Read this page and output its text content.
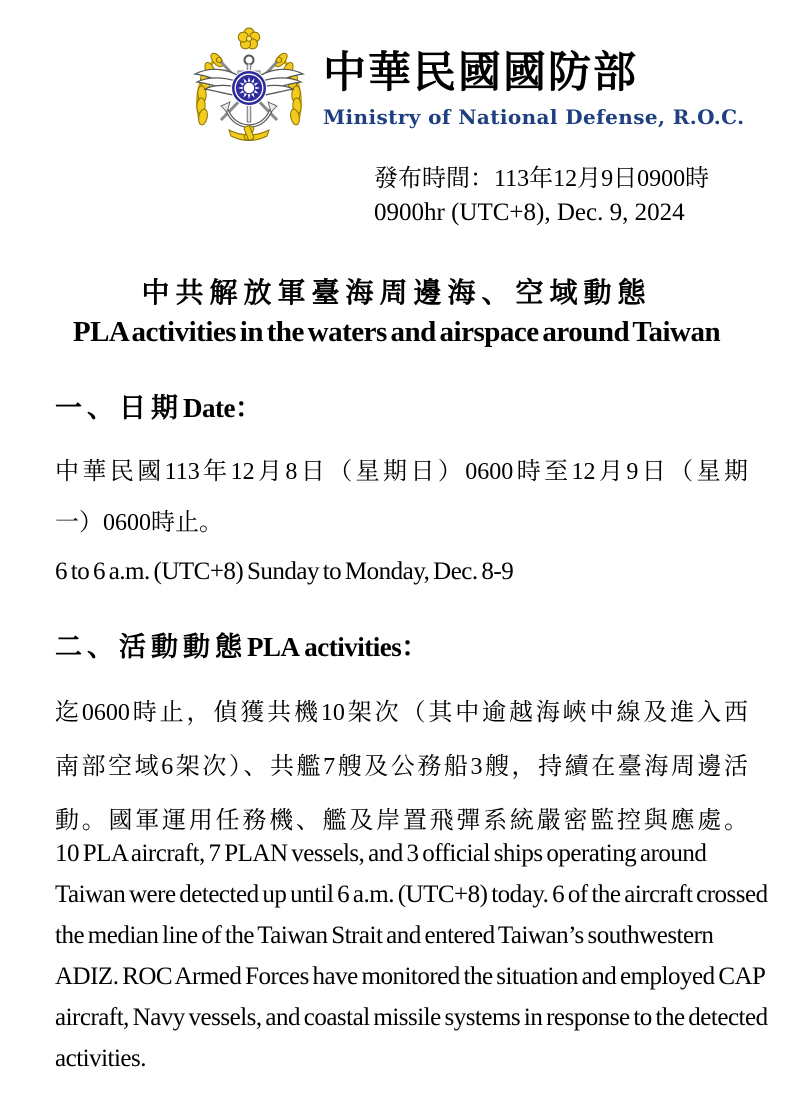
中華民國國防部
Ministry of National Defense, R.O.C.
發布時間：113年12月9日0900時
0900hr (UTC+8), Dec. 9, 2024
中共解放軍臺海周邊海、空域動態
PLA activities in the waters and airspace around Taiwan
一、日期Date：
中華民國113年12月8日（星期日）0600時至12月9日（星期
一）0600時止。
6 to 6 a.m. (UTC+8) Sunday to Monday, Dec. 8-9
二、活動動態PLA activities：
迄0600時止，偵獲共機10架次（其中逾越海峽中線及進入西
南部空域6架次）、共艦7艘及公務船3艘，持續在臺海周邊活
動。國軍運用任務機、艦及岸置飛彈系統嚴密監控與應處。
10 PLA aircraft, 7 PLAN vessels, and 3 official ships operating around Taiwan were detected up until 6 a.m. (UTC+8) today. 6 of the aircraft crossed the median line of the Taiwan Strait and entered Taiwan’s southwestern ADIZ. ROC Armed Forces have monitored the situation and employed CAP aircraft, Navy vessels, and coastal missile systems in response to the detected activities.
